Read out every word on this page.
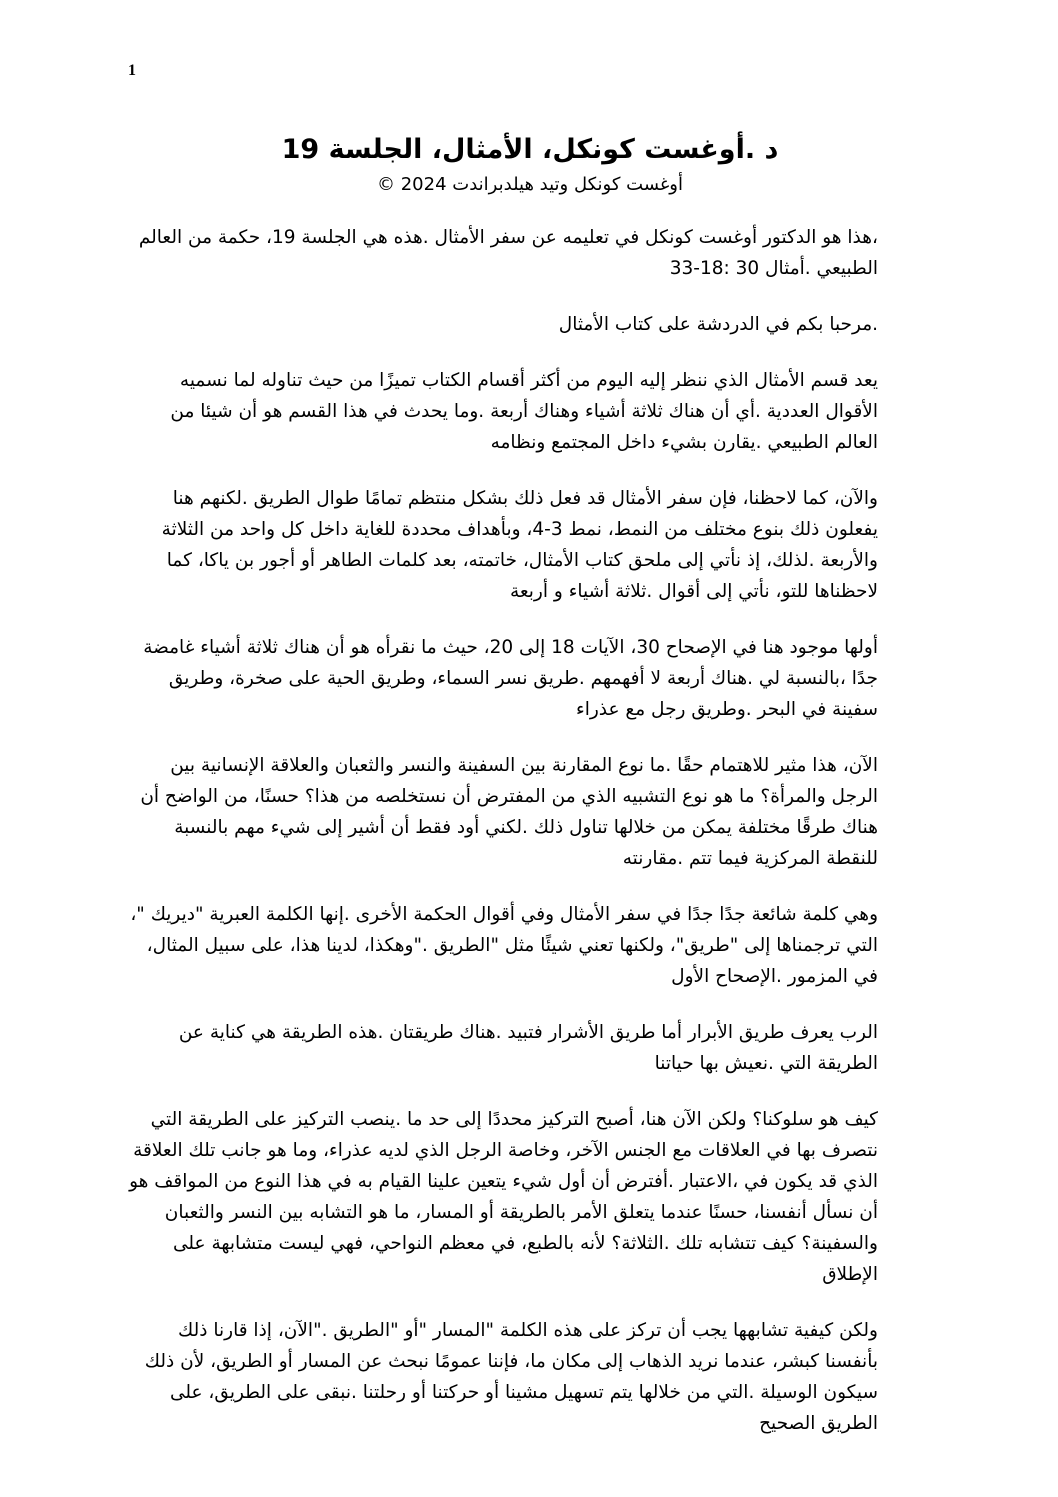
1
د .أوغست كونكل، الأمثال، الجلسة 19

أوغست كونكل وتيد هيلدبراندت 2024 ©

،هذا هو الدكتور أوغست كونكل في تعليمه عن سفر الأمثال .هذه هي الجلسة 19، حكمة من العالم الطبيعي .أمثال 30 :18-33

.مرحبا بكم في الدردشة على كتاب الأمثال

يعد قسم الأمثال الذي ننظر إليه اليوم من أكثر أقسام الكتاب تميزًا من حيث تناوله لما نسميه الأقوال العددية .أي أن هناك ثلاثة أشياء وهناك أربعة .وما يحدث في هذا القسم هو أن شيئا من العالم الطبيعي .يقارن بشيء داخل المجتمع ونظامه

والآن، كما لاحظنا، فإن سفر الأمثال قد فعل ذلك بشكل منتظم تمامًا طوال الطريق .لكنهم هنا يفعلون ذلك بنوع مختلف من النمط، نمط 3-4، وبأهداف محددة للغاية داخل كل واحد من الثلاثة والأربعة .لذلك، إذ نأتي إلى ملحق كتاب الأمثال، خاتمته، بعد كلمات الطاهر أو أجور بن ياكا، كما لاحظناها للتو، نأتي إلى أقوال .ثلاثة أشياء و أربعة

أولها موجود هنا في الإصحاح 30، الآيات 18 إلى 20، حيث ما نقرأه هو أن هناك ثلاثة أشياء غامضة جدًا ،بالنسبة لي .هناك أربعة لا أفهمهم .طريق نسر السماء، وطريق الحية على صخرة، وطريق سفينة في البحر .وطريق رجل مع عذراء

الآن، هذا مثير للاهتمام حقًا .ما نوع المقارنة بين السفينة والنسر والثعبان والعلاقة الإنسانية بين الرجل والمرأة؟ ما هو نوع التشبيه الذي من المفترض أن نستخلصه من هذا؟ حسنًا، من الواضح أن هناك طرقًا مختلفة يمكن من خلالها تناول ذلك .لكني أود فقط أن أشير إلى شيء مهم بالنسبة للنقطة المركزية فيما تتم .مقارنته

وهي كلمة شائعة جدًا جدًا في سفر الأمثال وفي أقوال الحكمة الأخرى .إنها الكلمة العبرية "ديريك "، التي ترجمناها إلى "طريق"، ولكنها تعني شيئًا مثل "الطريق ."وهكذا، لدينا هذا، على سبيل المثال، في المزمور .الإصحاح الأول

الرب يعرف طريق الأبرار أما طريق الأشرار فتبيد .هناك طريقتان .هذه الطريقة هي كناية عن الطريقة التي .نعيش بها حياتنا

كيف هو سلوكنا؟ ولكن الآن هنا، أصبح التركيز محددًا إلى حد ما .ينصب التركيز على الطريقة التي نتصرف بها في العلاقات مع الجنس الآخر، وخاصة الرجل الذي لديه عذراء، وما هو جانب تلك العلاقة الذي قد يكون في ،الاعتبار .أفترض أن أول شيء يتعين علينا القيام به في هذا النوع من المواقف هو أن نسأل أنفسنا، حسنًا عندما يتعلق الأمر بالطريقة أو المسار، ما هو التشابه بين النسر والثعبان والسفينة؟ كيف تتشابه تلك .الثلاثة؟ لأنه بالطبع، في معظم النواحي، فهي ليست متشابهة على الإطلاق

ولكن كيفية تشابهها يجب أن تركز على هذه الكلمة "المسار "أو "الطريق ."الآن، إذا قارنا ذلك بأنفسنا كبشر، عندما نريد الذهاب إلى مكان ما، فإننا عمومًا نبحث عن المسار أو الطريق، لأن ذلك سيكون الوسيلة .التي من خلالها يتم تسهيل مشينا أو حركتنا أو رحلتنا .نبقى على الطريق، على الطريق الصحيح
